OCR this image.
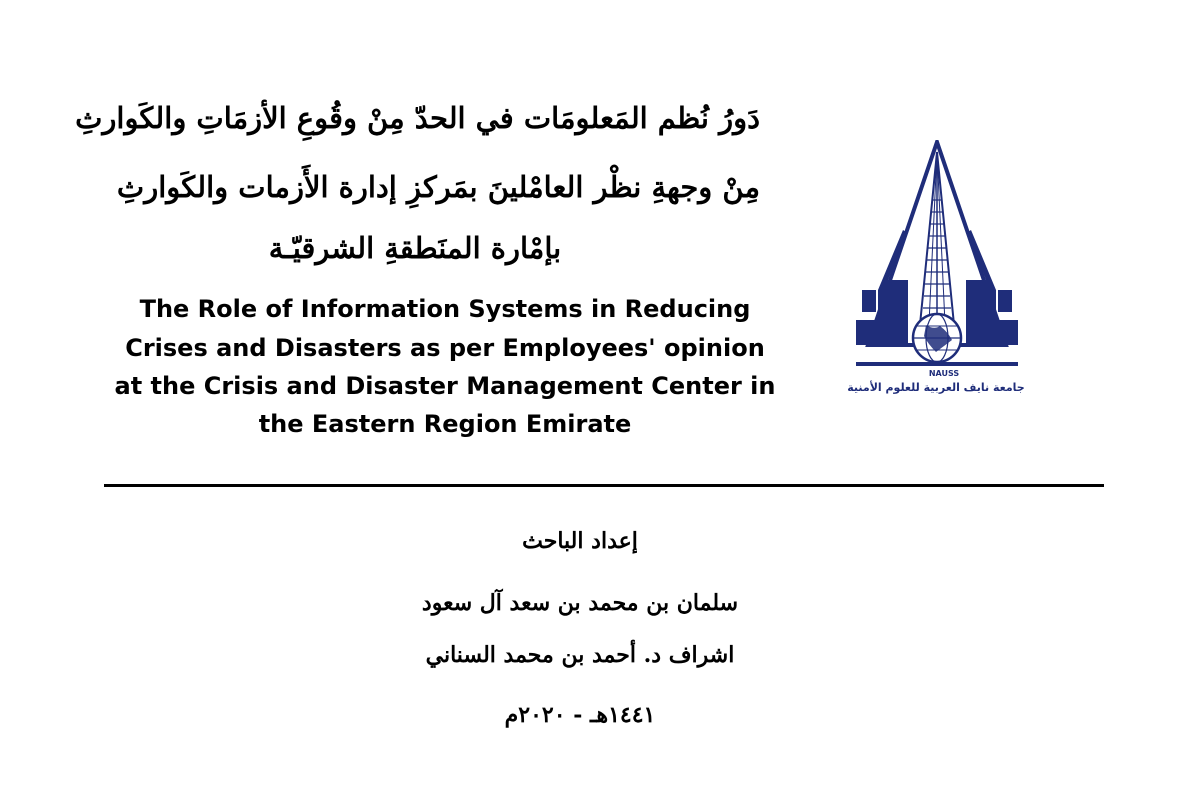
دَورُ نُظم المَعلومَات في الحدّ مِنْ وقُوعِ الأزمَاتِ والكَوارثِ
مِنْ وجهةِ نظْر العامْلينَ بمَركزِ إدارة الأَزمات والكَوارثِ
بإمْارة المنَطقةِ الشرقيّـة
The Role of Information Systems in Reducing
Crises and Disasters as per Employees' opinion
at the Crisis and Disaster Management Center in
the Eastern Region Emirate
NAUSS
جامعة نايف العربية للعلوم الأمنية
إعداد الباحث
سلمان بن محمد بن سعد آل سعود
اشراف د. أحمد بن محمد السناني
١٤٤١هـ - ٢٠٢٠م
